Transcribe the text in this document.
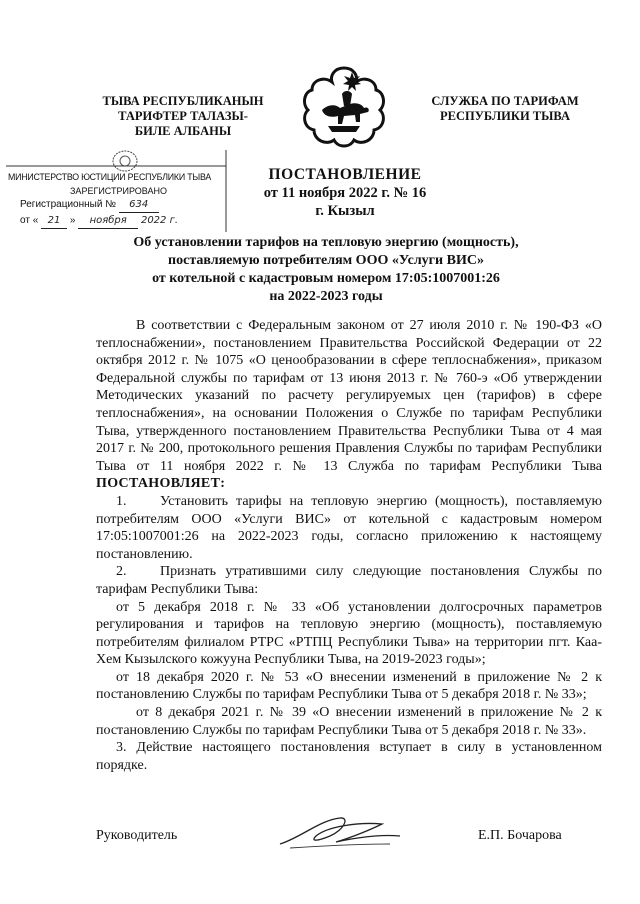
ТЫВА РЕСПУБЛИКАНЫН
ТАРИФТЕР ТАЛАЗЫ-
БИЛЕ АЛБАНЫ
СЛУЖБА ПО ТАРИФАМ
РЕСПУБЛИКИ ТЫВА
МИНИСТЕРСТВО ЮСТИЦИИ РЕСПУБЛИКИ ТЫВА
ЗАРЕГИСТРИРОВАНО
Регистрационный № 634
от « 21 » ноября 2022 г.
ПОСТАНОВЛЕНИЕ
от 11 ноября 2022 г. № 16
г. Кызыл
Об установлении тарифов на тепловую энергию (мощность),
поставляемую потребителям ООО «Услуги ВИС»
от котельной с кадастровым номером 17:05:1007001:26
на 2022-2023 годы

В соответствии с Федеральным законом от 27 июля 2010 г. № 190-ФЗ «О теплоснабжении», постановлением Правительства Российской Федерации от 22 октября 2012 г. № 1075 «О ценообразовании в сфере теплоснабжения», приказом Федеральной службы по тарифам от 13 июня 2013 г. № 760-э «Об утверждении Методических указаний по расчету регулируемых цен (тарифов) в сфере теплоснабжения», на основании Положения о Службе по тарифам Республики Тыва, утвержденного постановлением Правительства Республики Тыва от 4 мая 2017 г. № 200, протокольного решения Правления Службы по тарифам Республики Тыва от 11 ноября 2022 г. № 13 Служба по тарифам Республики Тыва ПОСТАНОВЛЯЕТ:

1. Установить тарифы на тепловую энергию (мощность), поставляемую потребителям ООО «Услуги ВИС» от котельной с кадастровым номером 17:05:1007001:26 на 2022-2023 годы, согласно приложению к настоящему постановлению.

2. Признать утратившими силу следующие постановления Службы по тарифам Республики Тыва:

от 5 декабря 2018 г. № 33 «Об установлении долгосрочных параметров регулирования и тарифов на тепловую энергию (мощность), поставляемую потребителям филиалом РТРС «РТПЦ Республики Тыва» на территории пгт. Каа-Хем Кызылского кожууна Республики Тыва, на 2019-2023 годы»;

от 18 декабря 2020 г. № 53 «О внесении изменений в приложение № 2 к постановлению Службы по тарифам Республики Тыва от 5 декабря 2018 г. № 33»;

от 8 декабря 2021 г. № 39 «О внесении изменений в приложение № 2 к постановлению Службы по тарифам Республики Тыва от 5 декабря 2018 г. № 33».

3. Действие настоящего постановления вступает в силу в установленном порядке.

Руководитель	Е.П. Бочарова
